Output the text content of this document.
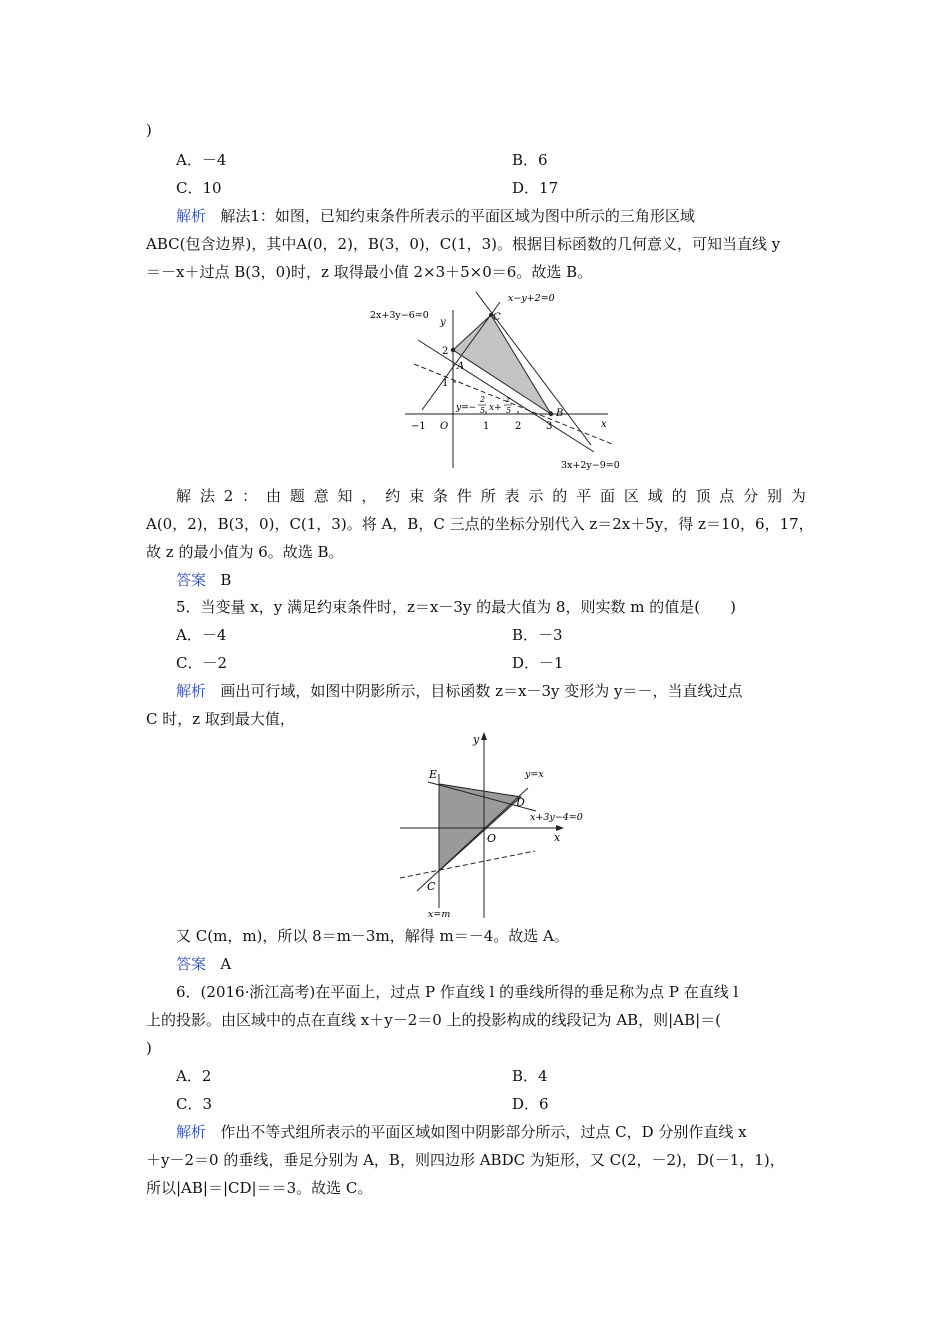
)
A．－4	B．6
C．10	D．17
解析 解法1：如图，已知约束条件所表示的平面区域为图中所示的三角形区域
ABC(包含边界)，其中A(0，2)，B(3，0)，C(1，3)。根据目标函数的几何意义，可知当直线 y
＝－x＋过点 B(3，0)时，z 取得最小值 2×3＋5×0＝6。故选 B。
2x+3y−6=0
x−y+2=0
3x+2y−9=0
C
A
B
O
y
x
−1	1	2 3
1
2
y=−
2
5 x+
z
5
解 法 2 ： 由 题 意 知 ， 约 束 条 件 所 表 示 的 平 面 区 域 的 顶 点 分 别 为
A(0，2)，B(3，0)，C(1，3)。将 A，B，C 三点的坐标分别代入 z＝2x＋5y，得 z＝10，6，17，
故 z 的最小值为 6。故选 B。
答案 B
5．当变量 x，y 满足约束条件时，z＝x－3y 的最大值为 8，则实数 m 的值是(　　)
A．－4	B．－3
C．－2	D．－1
解析 画出可行域，如图中阴影所示，目标函数 z＝x－3y 变形为 y＝－，当直线过点
C 时，z 取到最大值，
E
D
C
O
y
x
y=x
x+3y−4=0
x=m
又 C(m，m)，所以 8＝m－3m，解得 m＝－4。故选 A。
答案 A
6．(2016·浙江高考)在平面上，过点 P 作直线 l 的垂线所得的垂足称为点 P 在直线 l
上的投影。由区域中的点在直线 x＋y－2＝0 上的投影构成的线段记为 AB，则|AB|＝(
)
A．2	B．4
C．3	D．6
解析 作出不等式组所表示的平面区域如图中阴影部分所示，过点 C，D 分别作直线 x
＋y－2＝0 的垂线，垂足分别为 A，B，则四边形 ABDC 为矩形，又 C(2，－2)，D(－1，1)，
所以|AB|＝|CD|＝＝3。故选 C。
